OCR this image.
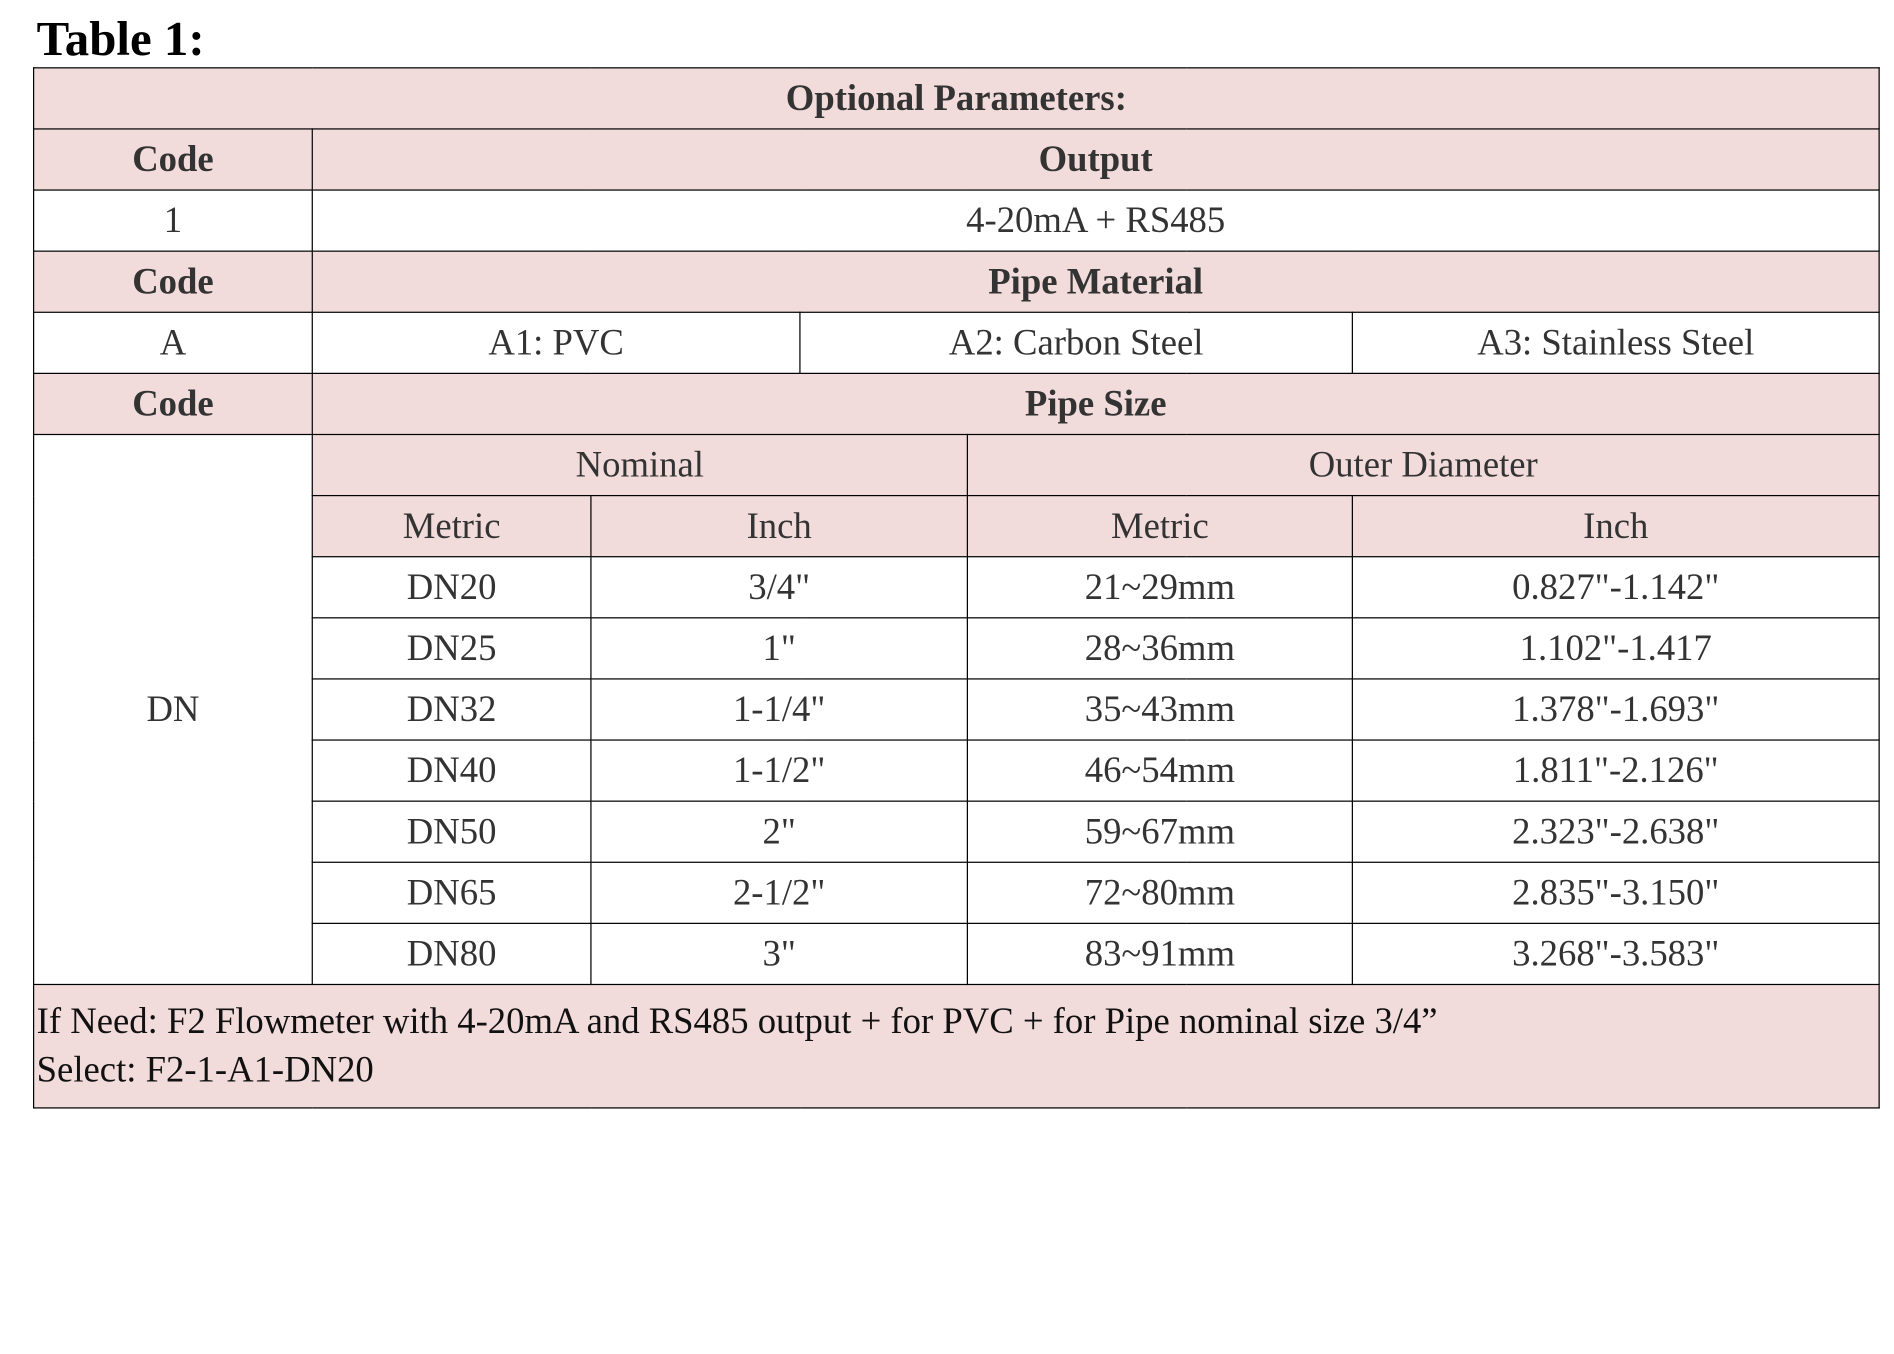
Table 1:
Optional Parameters:					
Code	Output				
1	4-20mA + RS485				
Code	Pipe Material				
A	A1: PVC		A2: Carbon Steel		A3: Stainless Steel
Code	Pipe Size				
DN	Nominal			Outer Diameter	
	Metric	Inch		Metric	Inch
	DN20	3/4"		21~29mm	0.827"-1.142"
	DN25	1"		28~36mm	1.102"-1.417
	DN32	1-1/4"		35~43mm	1.378"-1.693"
	DN40	1-1/2"		46~54mm	1.811"-2.126"
	DN50	2"		59~67mm	2.323"-2.638"
	DN65	2-1/2"		72~80mm	2.835"-3.150"
	DN80	3"		83~91mm	3.268"-3.583"

If Need: F2 Flowmeter with 4-20mA and RS485 output + for PVC + for Pipe nominal size 3/4”
Select: F2-1-A1-DN20					
